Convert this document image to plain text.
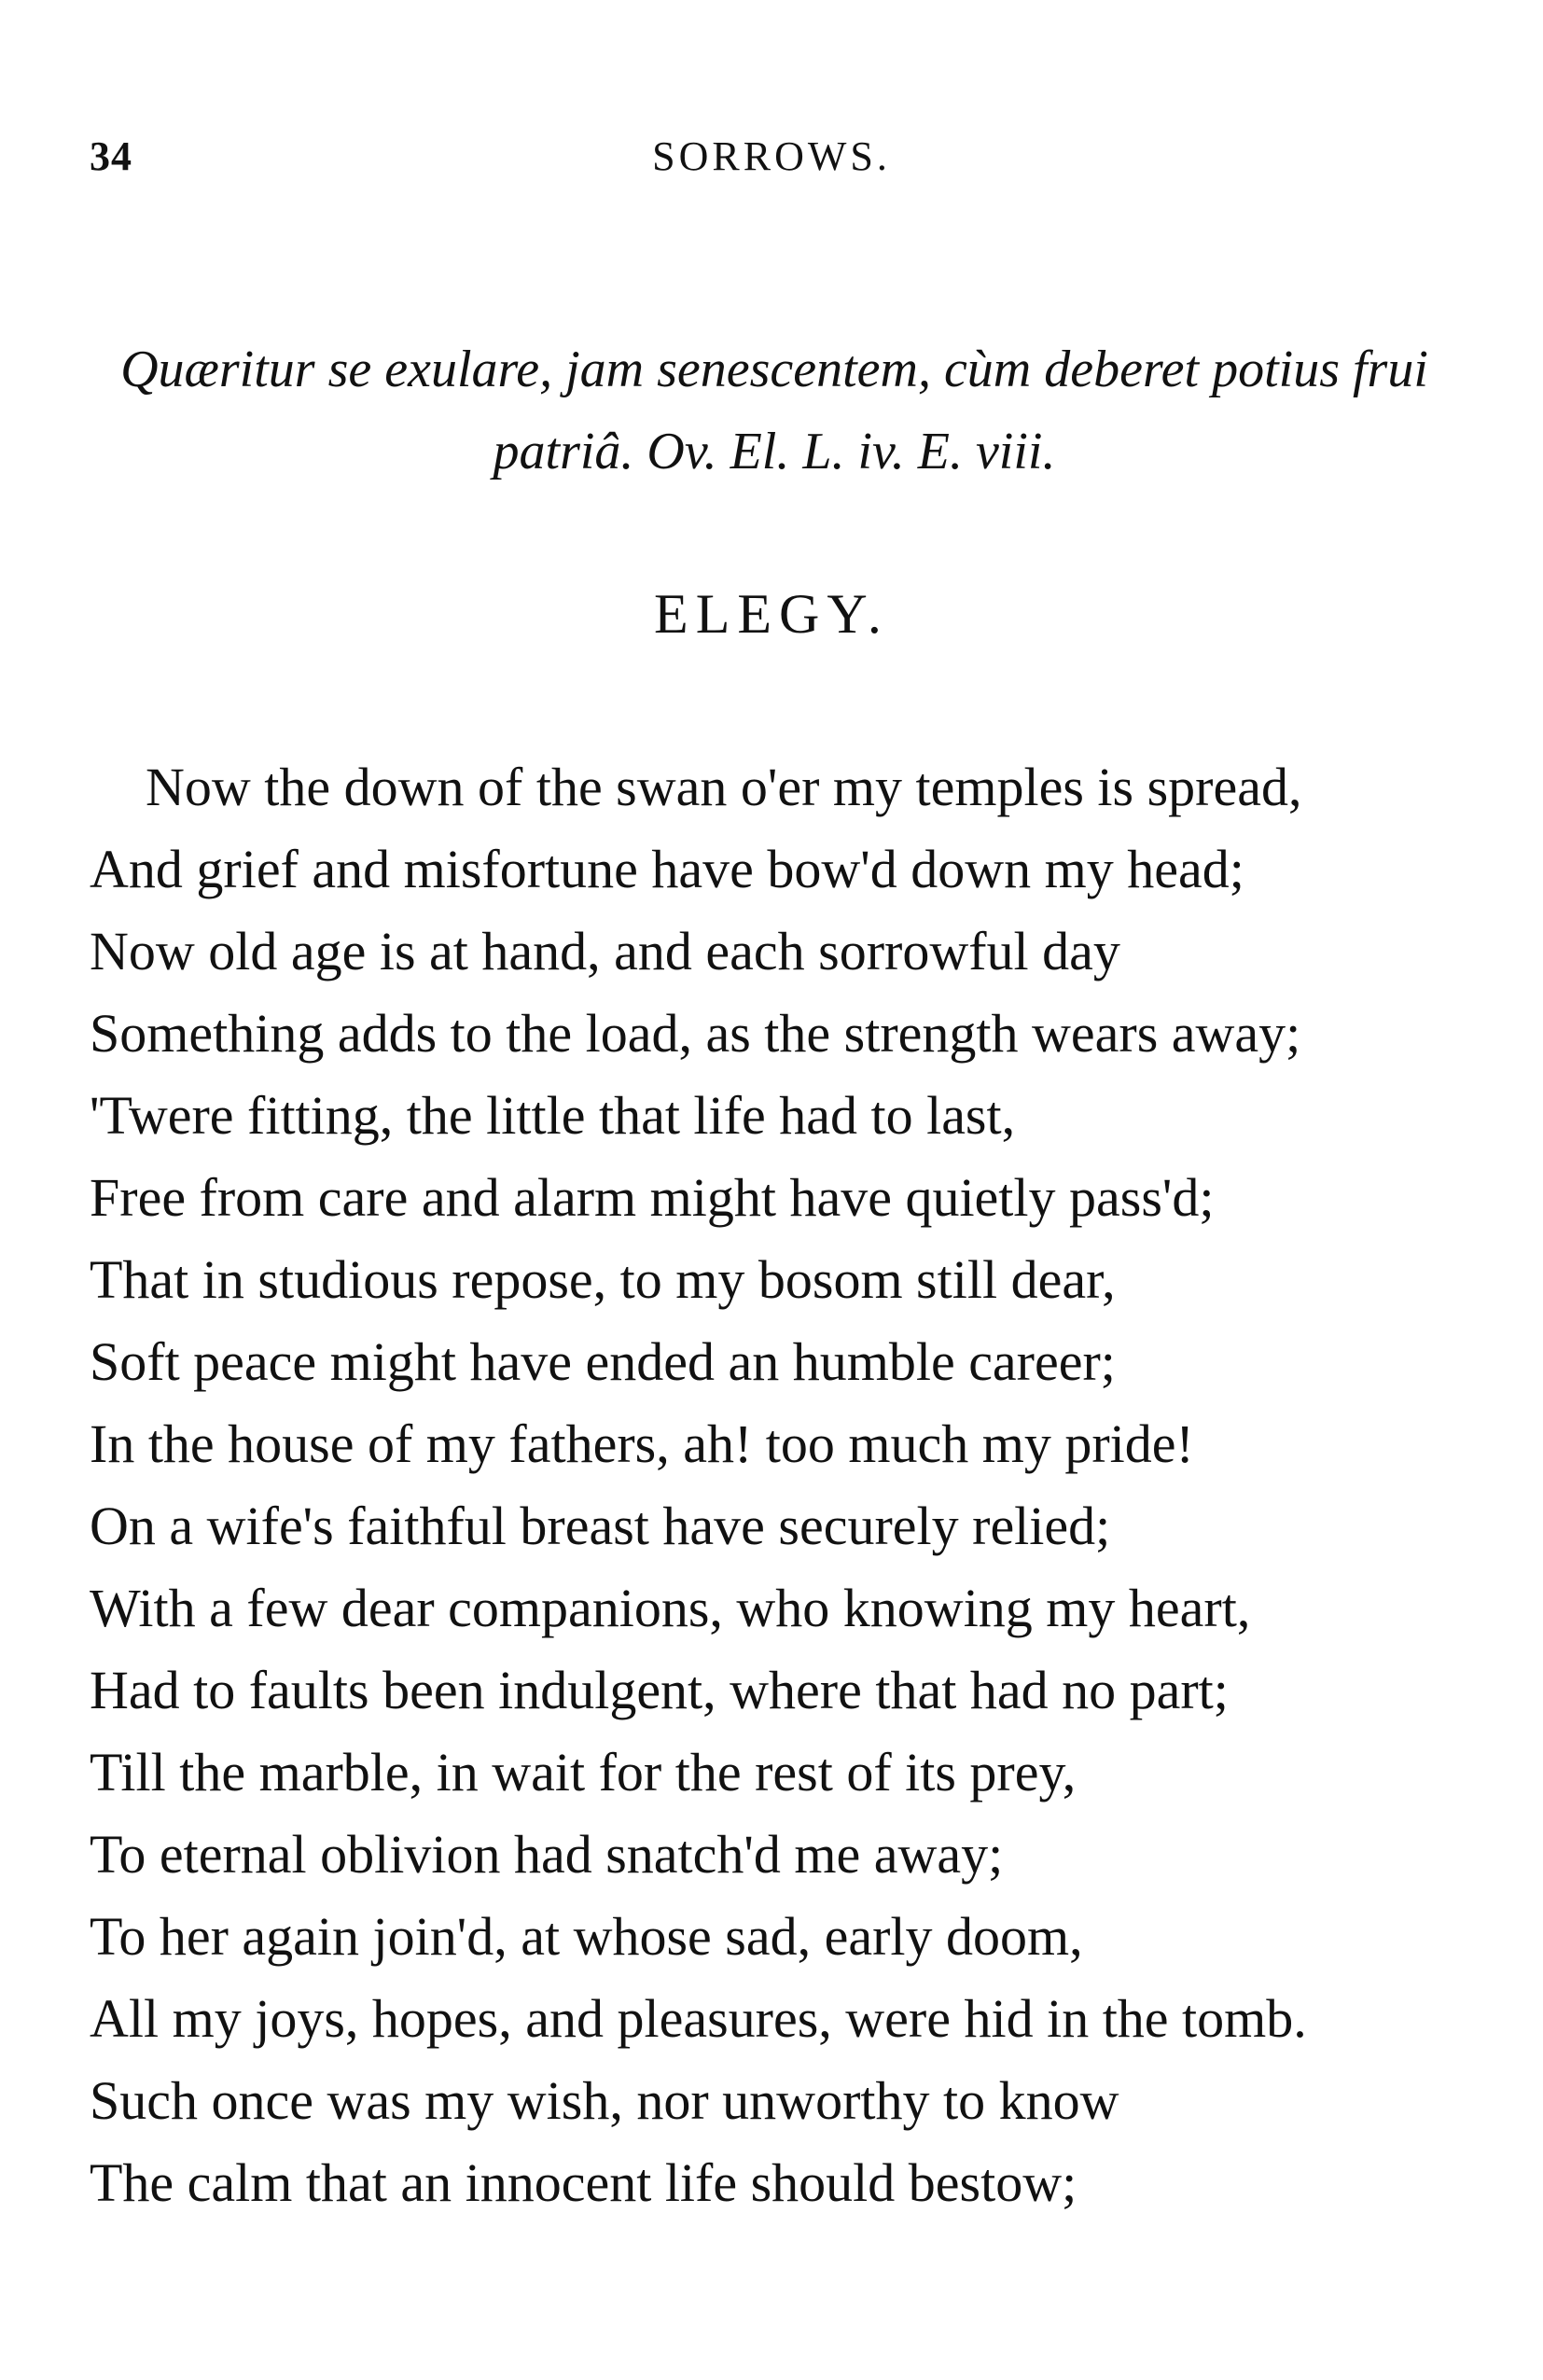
34	SORROWS.
Quæritur se exulare, jam senescentem, cùm deberet potius frui
patriâ. Ov. El. L. iv. E. viii.
ELEGY.
Now the down of the swan o'er my temples is spread,
And grief and misfortune have bow'd down my head;
Now old age is at hand, and each sorrowful day
Something adds to the load, as the strength wears away;
'Twere fitting, the little that life had to last,
Free from care and alarm might have quietly pass'd;
That in studious repose, to my bosom still dear,
Soft peace might have ended an humble career;
In the house of my fathers, ah! too much my pride!
On a wife's faithful breast have securely relied;
With a few dear companions, who knowing my heart,
Had to faults been indulgent, where that had no part;
Till the marble, in wait for the rest of its prey,
To eternal oblivion had snatch'd me away;
To her again join'd, at whose sad, early doom,
All my joys, hopes, and pleasures, were hid in the tomb.
Such once was my wish, nor unworthy to know
The calm that an innocent life should bestow;
